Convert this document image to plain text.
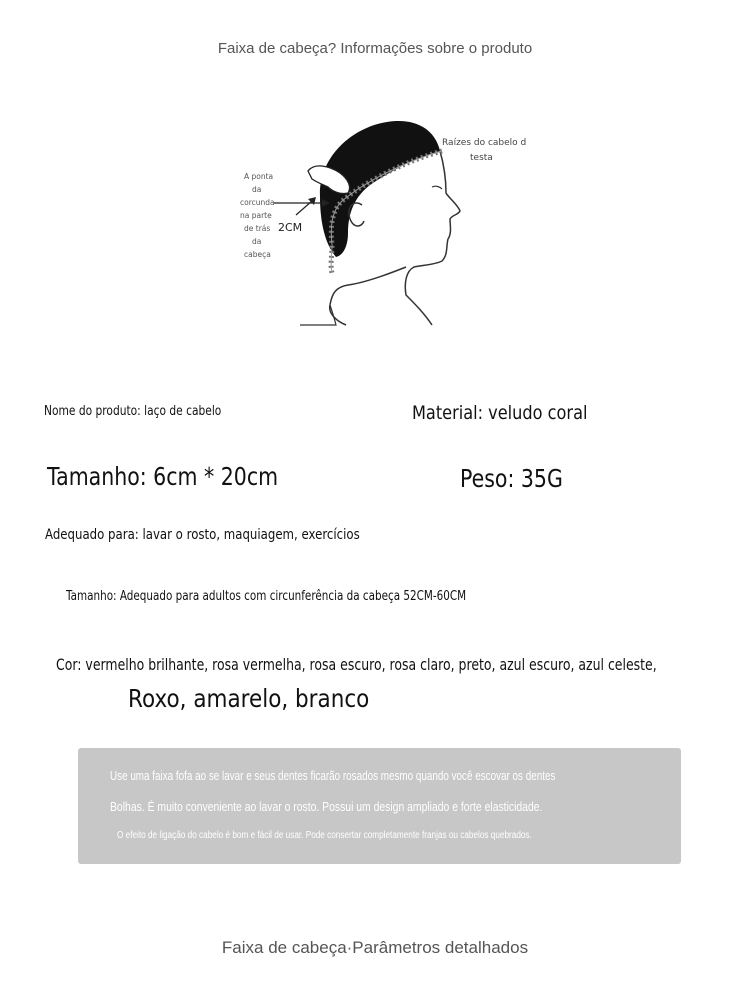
Faixa de cabeça? Informações sobre o produto
Raízes do cabelo da
testa
A ponta
da
corcunda
na parte
de trás
da
cabeça
2CM
Nome do produto: laço de cabelo	Material: veludo coral
Tamanho: 6cm * 20cm	Peso: 35G
Adequado para: lavar o rosto, maquiagem, exercícios
Tamanho: Adequado para adultos com circunferência da cabeça 52CM-60CM
Cor: vermelho brilhante, rosa vermelha, rosa escuro, rosa claro, preto, azul escuro, azul celeste,
Roxo, amarelo, branco
Use uma faixa fofa ao se lavar e seus dentes ficarão rosados mesmo quando você escovar os dentes
Bolhas. É muito conveniente ao lavar o rosto. Possui um design ampliado e forte elasticidade.
O efeito de ligação do cabelo é bom e fácil de usar. Pode consertar completamente franjas ou cabelos quebrados.
Faixa de cabeça·Parâmetros detalhados
